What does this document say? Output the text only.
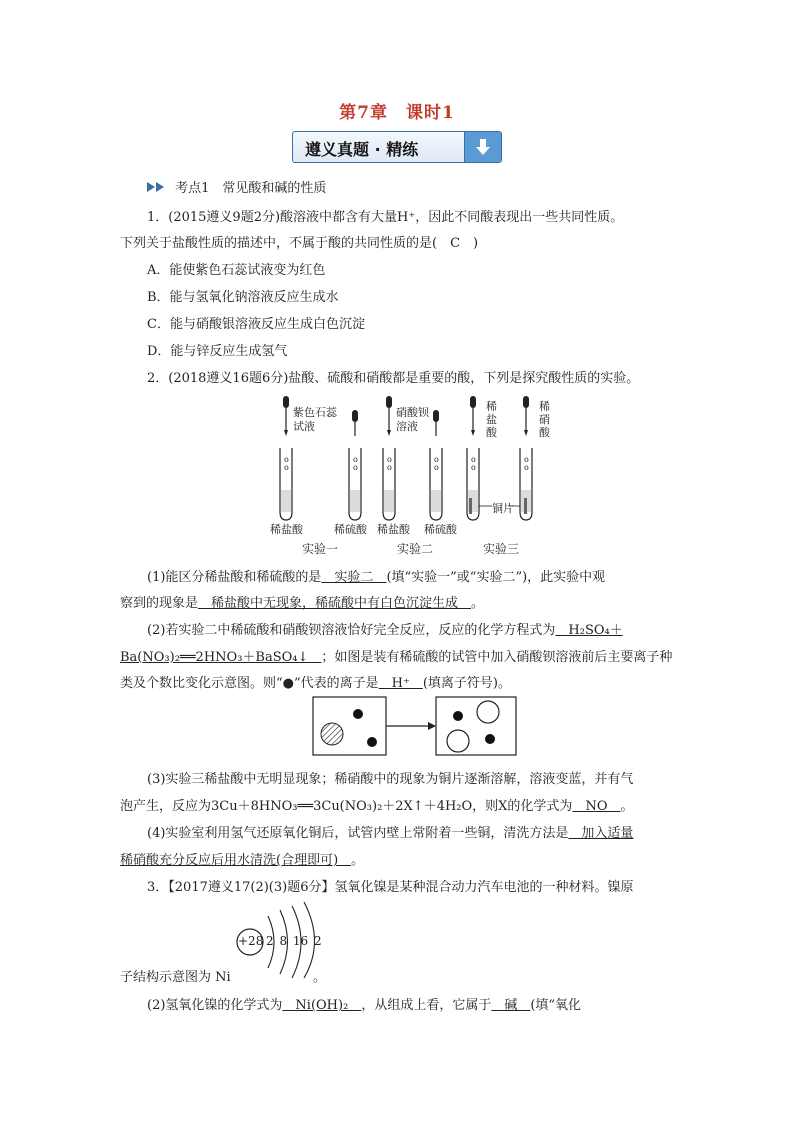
第7章　课时1
遵义真题 · 精练
考点1　常见酸和碱的性质
1．(2015遵义9题2分)酸溶液中都含有大量H⁺，因此不同酸表现出一些共同性质。
下列关于盐酸性质的描述中，不属于酸的共同性质的是(　C　)
A．能使紫色石蕊试液变为红色
B．能与氢氧化钠溶液反应生成水
C．能与硝酸银溶液反应生成白色沉淀
D．能与锌反应生成氢气
2．(2018遵义16题6分)盐酸、硫酸和硝酸都是重要的酸，下列是探究酸性质的实验。
o
o
o
o
o
o
o
o
o
o
o
o
紫色石蕊
试液
硝酸钡
溶液
稀
盐
酸
稀
硝
酸
铜片
稀盐酸	稀硫酸 稀盐酸 稀硫酸
实验一	实验二	实验三
(1)能区分稀盐酸和稀硫酸的是　实验二　(填“实验一”或“实验二”)，此实验中观
察到的现象是　稀盐酸中无现象，稀硫酸中有白色沉淀生成　。
(2)若实验二中稀硫酸和硝酸钡溶液恰好完全反应，反应的化学方程式为　H₂SO₄＋
Ba(NO₃)₂══2HNO₃＋BaSO₄↓　；如图是装有稀硫酸的试管中加入硝酸钡溶液前后主要离子种
类及个数比变化示意图。则“●”代表的离子是　H⁺　(填离子符号)。
(3)实验三稀盐酸中无明显现象；稀硝酸中的现象为铜片逐渐溶解，溶液变蓝，并有气
泡产生，反应为3Cu＋8HNO₃══3Cu(NO₃)₂＋2X↑＋4H₂O，则X的化学式为　NO　。
(4)实验室利用氢气还原氧化铜后，试管内壁上常附着一些铜，清洗方法是　加入适量
稀硝酸充分反应后用水清洗(合理即可)　。
3．【2017遵义17(2)(3)题6分】氢氧化镍是某种混合动力汽车电池的一种材料。镍原
+28 2 8 16 2
子结构示意图为 Ni	。
(2)氢氧化镍的化学式为　Ni(OH)₂　，从组成上看，它属于　碱　(填“氧化
